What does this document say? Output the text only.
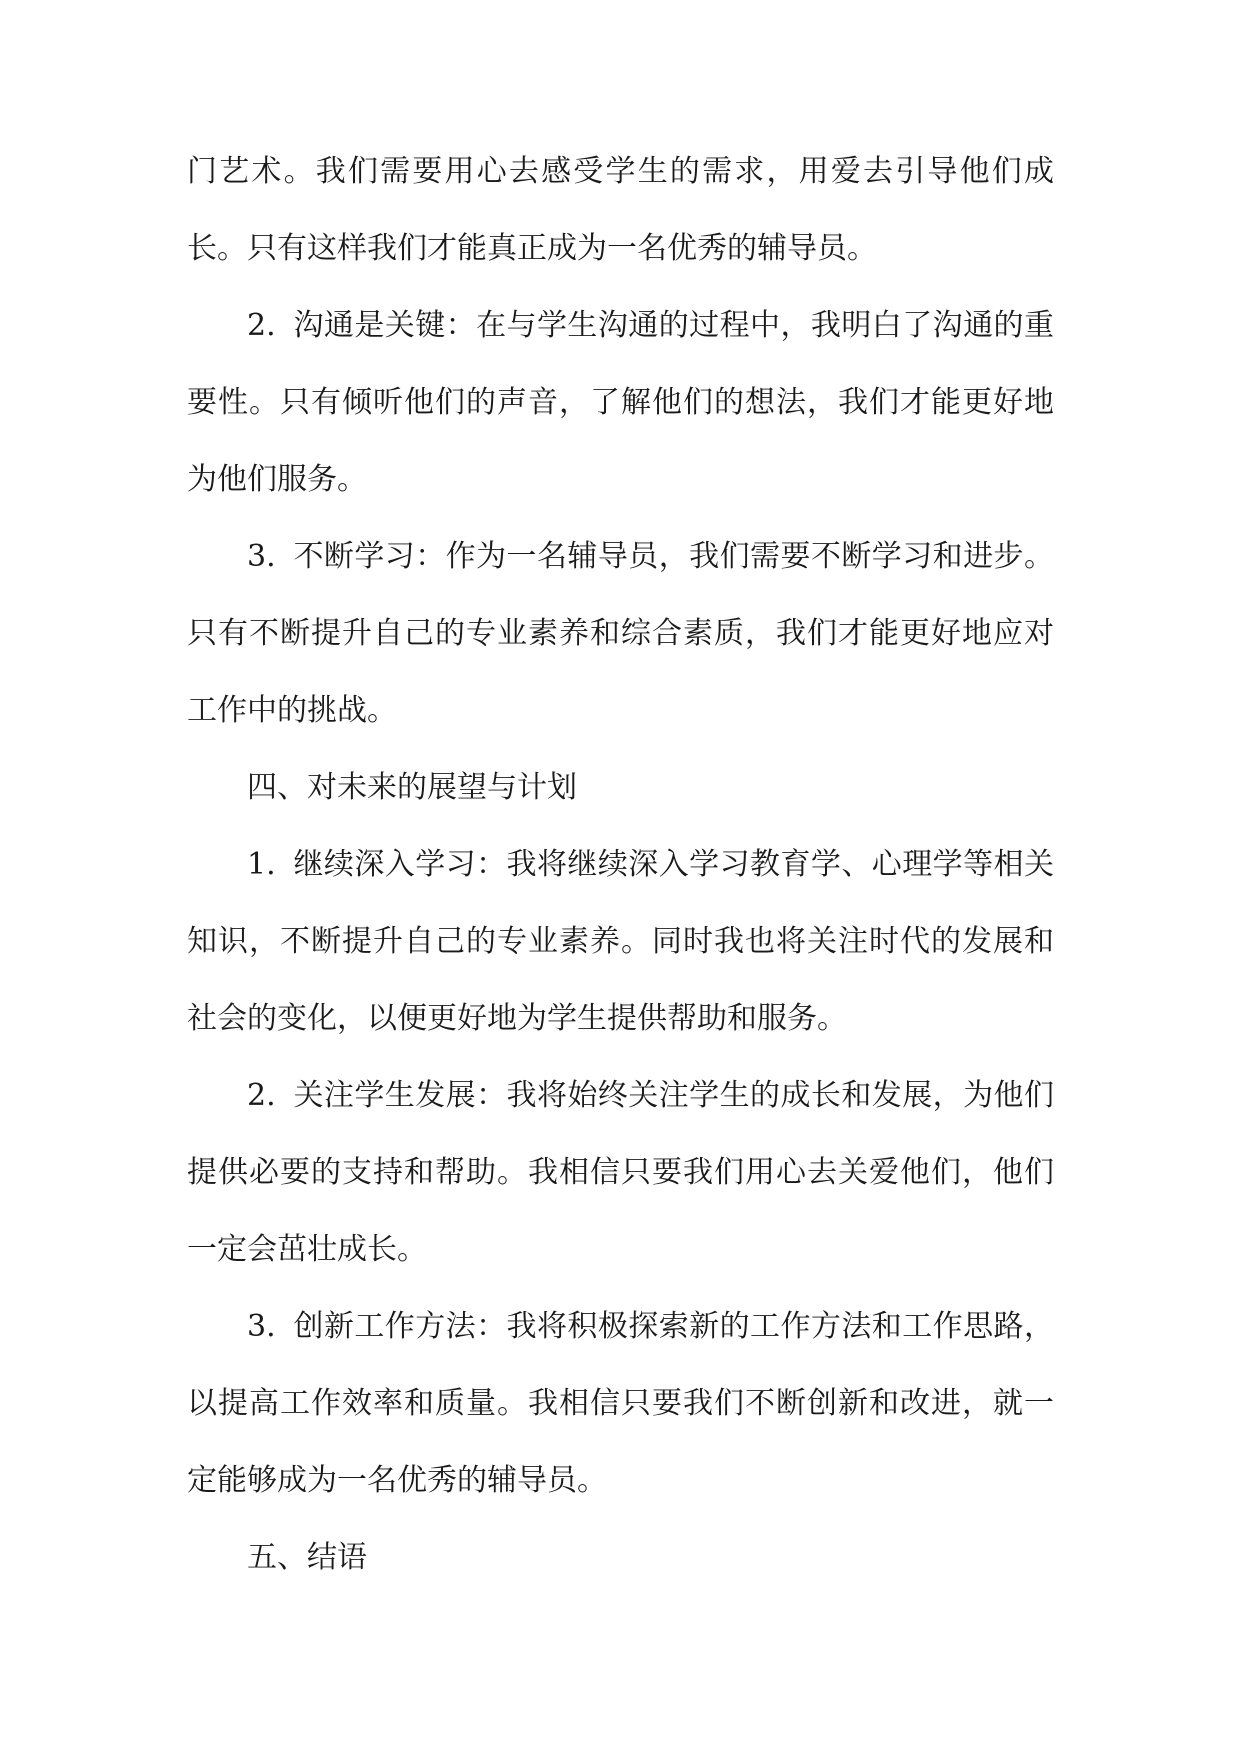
门艺术。我们需要用心去感受学生的需求，用爱去引导他们成长。只有这样我们才能真正成为一名优秀的辅导员。

2. 沟通是关键：在与学生沟通的过程中，我明白了沟通的重要性。只有倾听他们的声音，了解他们的想法，我们才能更好地为他们服务。

3. 不断学习：作为一名辅导员，我们需要不断学习和进步。只有不断提升自己的专业素养和综合素质，我们才能更好地应对工作中的挑战。

四、对未来的展望与计划

1. 继续深入学习：我将继续深入学习教育学、心理学等相关知识，不断提升自己的专业素养。同时我也将关注时代的发展和社会的变化，以便更好地为学生提供帮助和服务。

2. 关注学生发展：我将始终关注学生的成长和发展，为他们提供必要的支持和帮助。我相信只要我们用心去关爱他们，他们一定会茁壮成长。

3. 创新工作方法：我将积极探索新的工作方法和工作思路，以提高工作效率和质量。我相信只要我们不断创新和改进，就一定能够成为一名优秀的辅导员。

五、结语
